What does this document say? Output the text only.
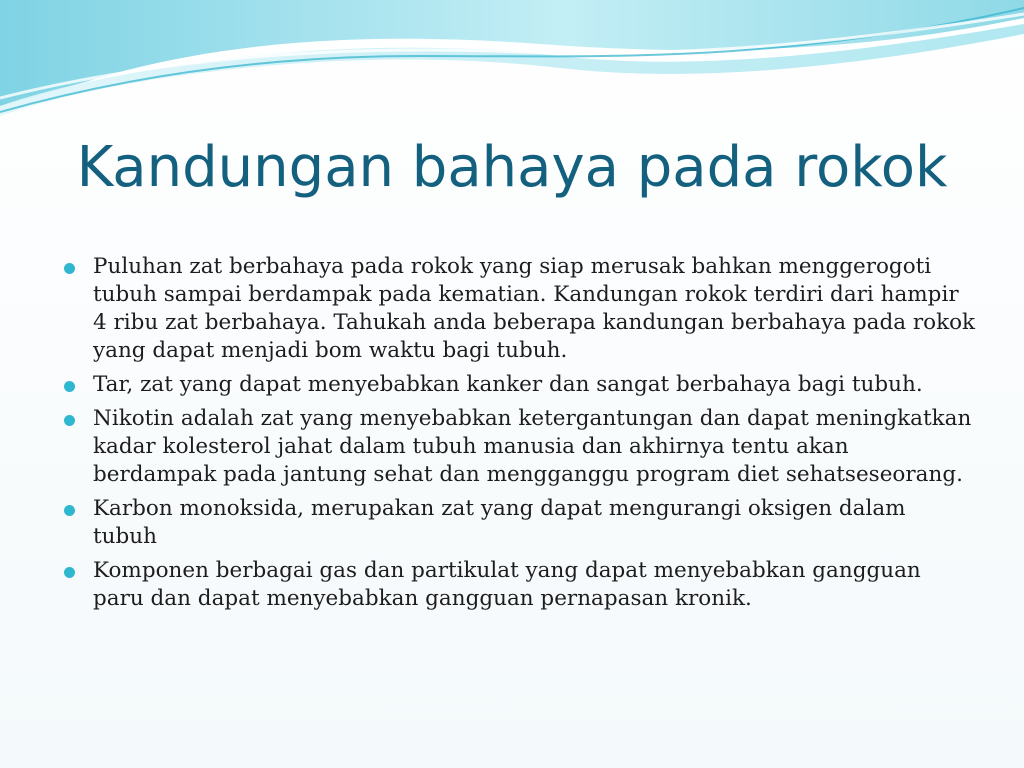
Kandungan bahaya pada rokok
Puluhan zat berbahaya pada rokok yang siap merusak bahkan menggerogoti tubuh sampai berdampak pada kematian. Kandungan rokok terdiri dari hampir 4 ribu zat berbahaya. Tahukah anda beberapa kandungan berbahaya pada rokok yang dapat menjadi bom waktu bagi tubuh.
Tar, zat yang dapat menyebabkan kanker dan sangat berbahaya bagi tubuh.
Nikotin adalah zat yang menyebabkan ketergantungan dan dapat meningkatkan kadar kolesterol jahat dalam tubuh manusia dan akhirnya tentu akan berdampak pada jantung sehat dan mengganggu program diet sehatseseorang.
Karbon monoksida, merupakan zat yang dapat mengurangi oksigen dalam tubuh
Komponen berbagai gas dan partikulat yang dapat menyebabkan gangguan paru dan dapat menyebabkan gangguan pernapasan kronik.
